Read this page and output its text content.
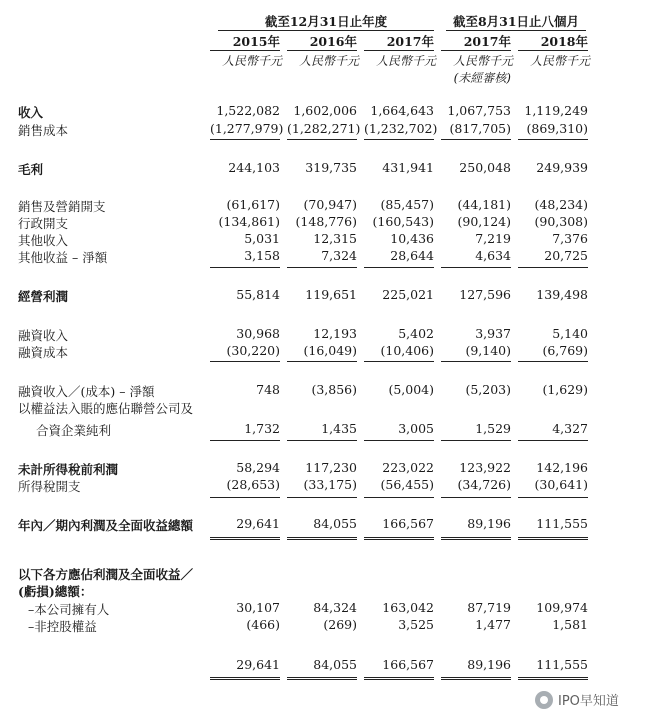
截至12月31日止年度	截至8月31日止八個月
2015年	2016年	2017年	2017年	2018年
人民幣千元	人民幣千元	人民幣千元	人民幣千元	人民幣千元
(未經審核)
收入	1,522,082	1,602,006	1,664,643	1,067,753	1,119,249
銷售成本	(1,277,979) (1,282,271) (1,232,702) (817,705)	(869,310)
毛利	244,103	319,735	431,941	250,048	249,939
銷售及營銷開支	(61,617)	(70,947)	(85,457)	(44,181)	(48,234)
行政開支	(134,861)	(148,776)	(160,543)	(90,124)	(90,308)
其他收入	5,031	12,315	10,436	7,219	7,376
其他收益 – 淨額	3,158	7,324	28,644	4,634	20,725
經營利潤	55,814	119,651	225,021	127,596	139,498
融資收入	30,968	12,193	5,402	3,937	5,140
融資成本	(30,220)	(16,049)	(10,406)	(9,140)	(6,769)
融資收入／(成本) – 淨額	748	(3,856)	(5,004)	(5,203)	(1,629)
以權益法入賬的應佔聯營公司及
合資企業純利	1,732	1,435	3,005	1,529	4,327
未計所得稅前利潤	58,294	117,230	223,022	123,922	142,196
所得稅開支	(28,653)	(33,175)	(56,455)	(34,726)	(30,641)
年內／期內利潤及全面收益總額	29,641	84,055	166,567	89,196	111,555
以下各方應佔利潤及全面收益／
(虧損)總額：
–本公司擁有人	30,107	84,324	163,042	87,719	109,974
–非控股權益	(466)	(269)	3,525	1,477	1,581
29,641	84,055	166,567	89,196	111,555
IPO早知道
